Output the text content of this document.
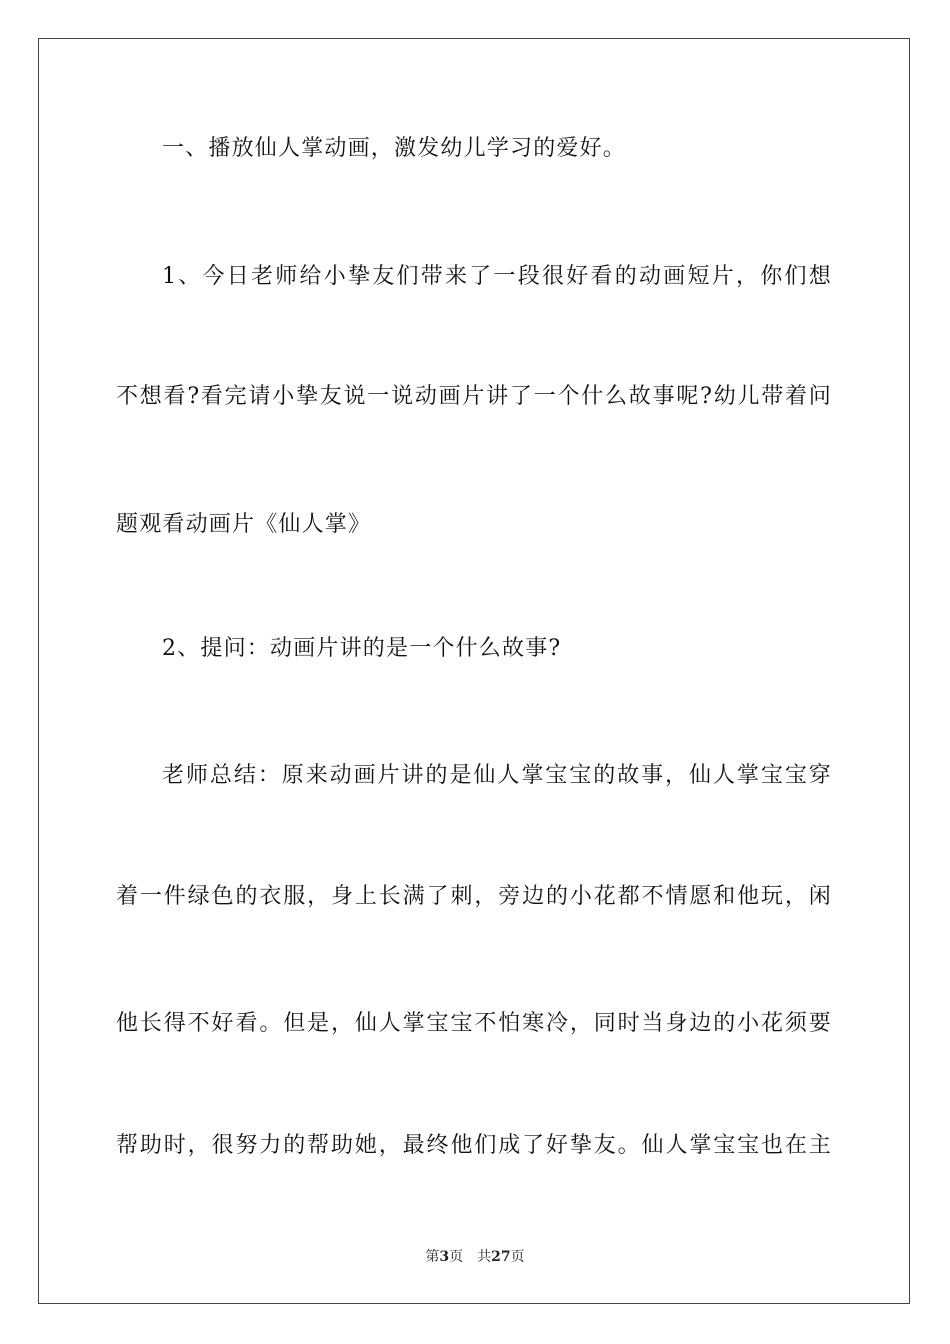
一、播放仙人掌动画，激发幼儿学习的爱好。
1、今日老师给小挚友们带来了一段很好看的动画短片，你们想
不想看?看完请小挚友说一说动画片讲了一个什么故事呢?幼儿带着问
题观看动画片《仙人掌》
2、提问：动画片讲的是一个什么故事?
老师总结：原来动画片讲的是仙人掌宝宝的故事，仙人掌宝宝穿
着一件绿色的衣服，身上长满了刺，旁边的小花都不情愿和他玩，闲
他长得不好看。但是，仙人掌宝宝不怕寒冷，同时当身边的小花须要
帮助时，很努力的帮助她，最终他们成了好挚友。仙人掌宝宝也在主
第3页 共27页
